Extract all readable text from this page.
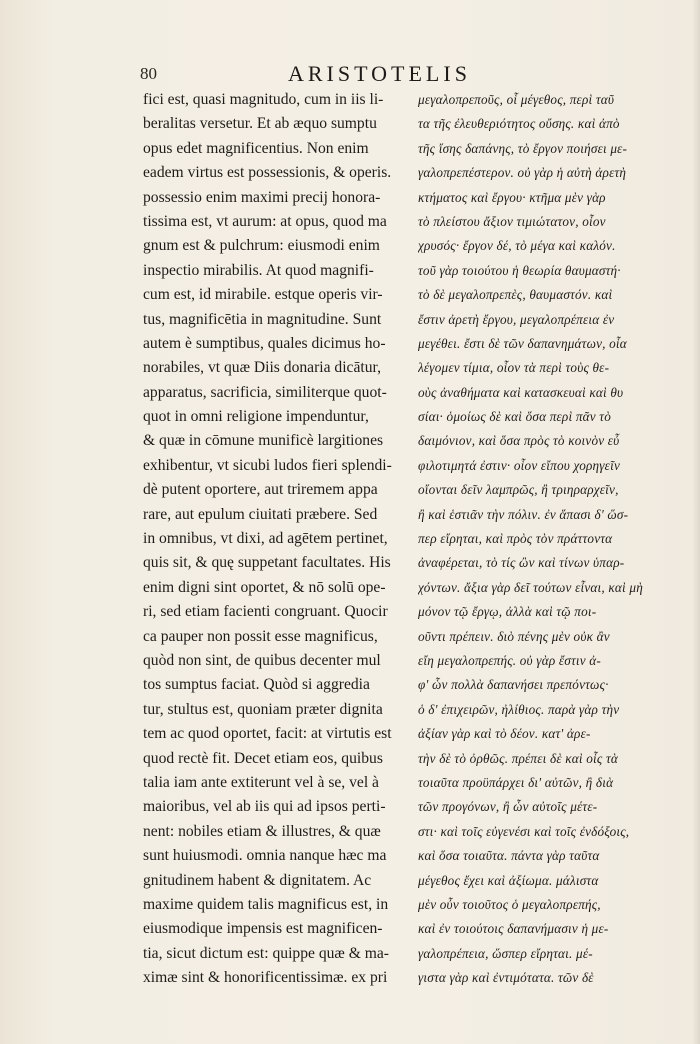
80	ARISTOTELIS
fici est, quasi magnitudo, cum in iis li-
beralitas versetur. Et ab æquo sumptu
opus edet magnificentius. Non enim
eadem virtus est possessionis, & operis.
possessio enim maximi precij honora-
tissima est, vt aurum: at opus, quod ma
gnum est & pulchrum: eiusmodi enim
inspectio mirabilis. At quod magnifi-
cum est, id mirabile. estque operis vir-
tus, magnificētia in magnitudine. Sunt
autem è sumptibus, quales dicimus ho-
norabiles, vt quæ Diis donaria dicātur,
apparatus, sacrificia, similiterque quot-
quot in omni religione impenduntur,
& quæ in cōmune munificè largitiones
exhibentur, vt sicubi ludos fieri splendi-
dè putent oportere, aut triremem appa
rare, aut epulum ciuitati præbere. Sed
in omnibus, vt dixi, ad agētem pertinet,
quis sit, & quę suppetant facultates. His
enim digni sint oportet, & nō solū ope-
ri, sed etiam facienti congruant. Quocir
ca pauper non possit esse magnificus,
quòd non sint, de quibus decenter mul
tos sumptus faciat. Quòd si aggredia
tur, stultus est, quoniam præter dignita
tem ac quod oportet, facit: at virtutis est
quod rectè fit. Decet etiam eos, quibus
talia iam ante extiterunt vel à se, vel à
maioribus, vel ab iis qui ad ipsos perti-
nent: nobiles etiam & illustres, & quæ
sunt huiusmodi. omnia nanque hæc ma
gnitudinem habent & dignitatem. Ac
maxime quidem talis magnificus est, in
eiusmodique impensis est magnificen-
tia, sicut dictum est: quippe quæ & ma-
ximæ sint & honorificentissimæ. ex pri
μεγαλοπρεποῦς, οἷ μέγεθος, περὶ ταῦ
τα τῆς ἐλευθεριότητος οὔσης. καὶ ἀπὸ
τῆς ἴσης δαπάνης, τὸ ἔργον ποιήσει με-
γαλοπρεπέστερον. οὐ γὰρ ἡ αὐτὴ ἀρετὴ
κτήματος καὶ ἔργου· κτῆμα μὲν γὰρ
τὸ πλείστου ἄξιον τιμιώτατον, οἷον
χρυσός· ἔργον δέ, τὸ μέγα καὶ καλόν.
τοῦ γὰρ τοιούτου ἡ θεωρία θαυμαστή·
τὸ δὲ μεγαλοπρεπὲς, θαυμαστόν. καὶ
ἔστιν ἀρετὴ ἔργου, μεγαλοπρέπεια ἐν
μεγέθει. ἔστι δὲ τῶν δαπανημάτων, οἷα
λέγομεν τίμια, οἷον τὰ περὶ τοὺς θε-
οὺς ἀναθήματα καὶ κατασκευαὶ καὶ θυ
σίαι· ὁμοίως δὲ καὶ ὅσα περὶ πᾶν τὸ
δαιμόνιον, καὶ ὅσα πρὸς τὸ κοινὸν εὖ
φιλοτιμητά ἐστιν· οἷον εἴπου χορηγεῖν
οἴονται δεῖν λαμπρῶς, ἢ τριηραρχεῖν,
ἢ καὶ ἑστιᾶν τὴν πόλιν. ἐν ἅπασι δ' ὥσ-
περ εἴρηται, καὶ πρὸς τὸν πράττοντα
ἀναφέρεται, τὸ τίς ὢν καὶ τίνων ὑπαρ-
χόντων. ἄξια γὰρ δεῖ τούτων εἶναι, καὶ μὴ
μόνον τῷ ἔργῳ, ἀλλὰ καὶ τῷ ποι-
οῦντι πρέπειν. διὸ πένης μὲν οὐκ ἂν
εἴη μεγαλοπρεπής. οὐ γὰρ ἔστιν ἀ-
φ' ὧν πολλὰ δαπανήσει πρεπόντως·
ὁ δ' ἐπιχειρῶν, ἠλίθιος. παρὰ γὰρ τὴν
ἀξίαν γὰρ καὶ τὸ δέον. κατ' ἀρε-
τὴν δὲ τὸ ὀρθῶς. πρέπει δὲ καὶ οἷς τὰ
τοιαῦτα προϋπάρχει δι' αὐτῶν, ἢ διὰ
τῶν προγόνων, ἢ ὧν αὐτοῖς μέτε-
στι· καὶ τοῖς εὐγενέσι καὶ τοῖς ἐνδόξοις,
καὶ ὅσα τοιαῦτα. πάντα γὰρ ταῦτα
μέγεθος ἔχει καὶ ἀξίωμα. μάλιστα
μὲν οὖν τοιοῦτος ὁ μεγαλοπρεπής,
καὶ ἐν τοιούτοις δαπανήμασιν ἡ με-
γαλοπρέπεια, ὥσπερ εἴρηται. μέ-
γιστα γὰρ καὶ ἐντιμότατα. τῶν δὲ
